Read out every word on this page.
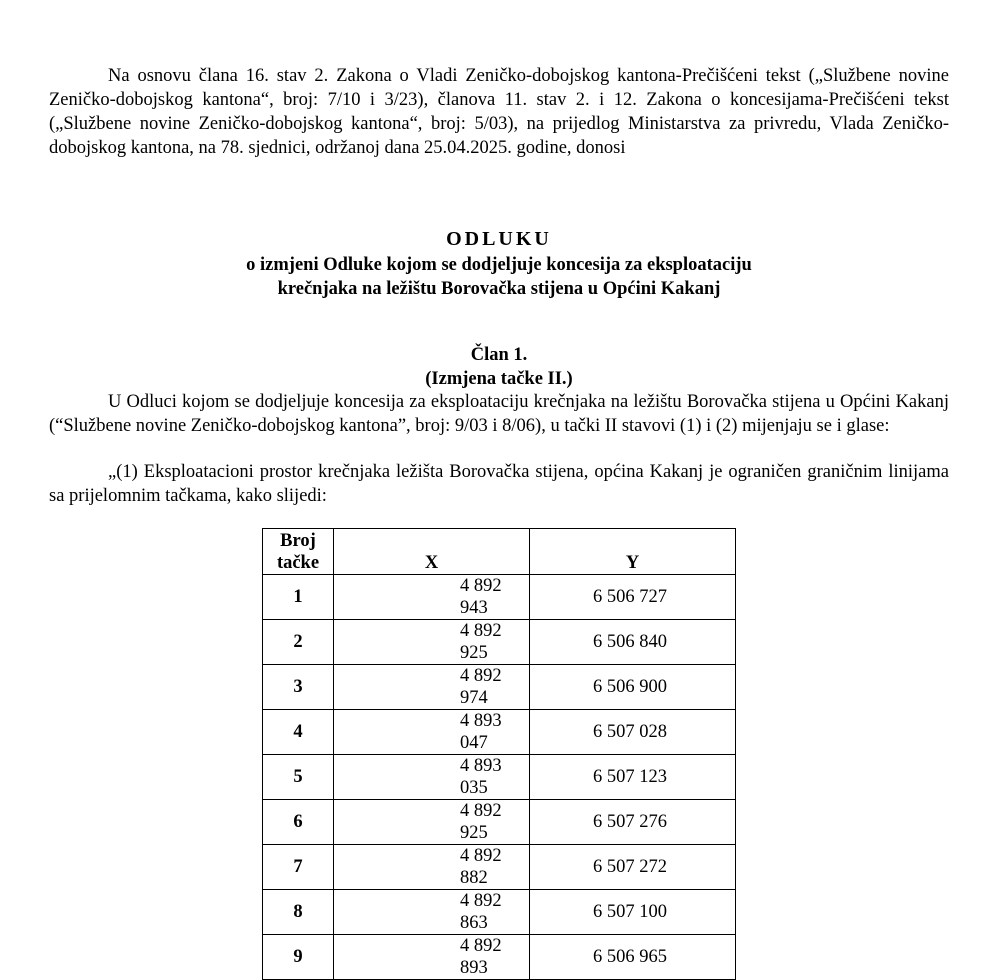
Na osnovu člana 16. stav 2. Zakona o Vladi Zeničko-dobojskog kantona-Prečišćeni tekst („Službene novine Zeničko-dobojskog kantona“, broj: 7/10 i 3/23), članova 11. stav 2. i 12. Zakona o koncesijama-Prečišćeni tekst („Službene novine Zeničko-dobojskog kantona“, broj: 5/03), na prijedlog Ministarstva za privredu, Vlada Zeničko-dobojskog kantona, na 78. sjednici, održanoj dana 25.04.2025. godine, donosi

ODLUKU
o izmjeni Odluke kojom se dodjeljuje koncesija za eksploataciju
krečnjaka na ležištu Borovačka stijena u Općini Kakanj
Član 1.
(Izmjena tačke II.)

U Odluci kojom se dodjeljuje koncesija za eksploataciju krečnjaka na ležištu Borovačka stijena u Općini Kakanj (“Službene novine Zeničko-dobojskog kantona”, broj: 9/03 i 8/06), u tački II stavovi (1) i (2) mijenjaju se i glase:

„(1) Eksploatacioni prostor krečnjaka ležišta Borovačka stijena, općina Kakanj je ograničen graničnim linijama sa prijelomnim tačkama, kako slijedi:

Broj
tačke	X	Y
1	4 892 943	6 506 727
2	4 892 925	6 506 840
3	4 892 974	6 506 900
4	4 893 047	6 507 028
5	4 893 035	6 507 123
6	4 892 925	6 507 276
7	4 892 882	6 507 272
8	4 892 863	6 507 100
9	4 892 893	6 506 965
